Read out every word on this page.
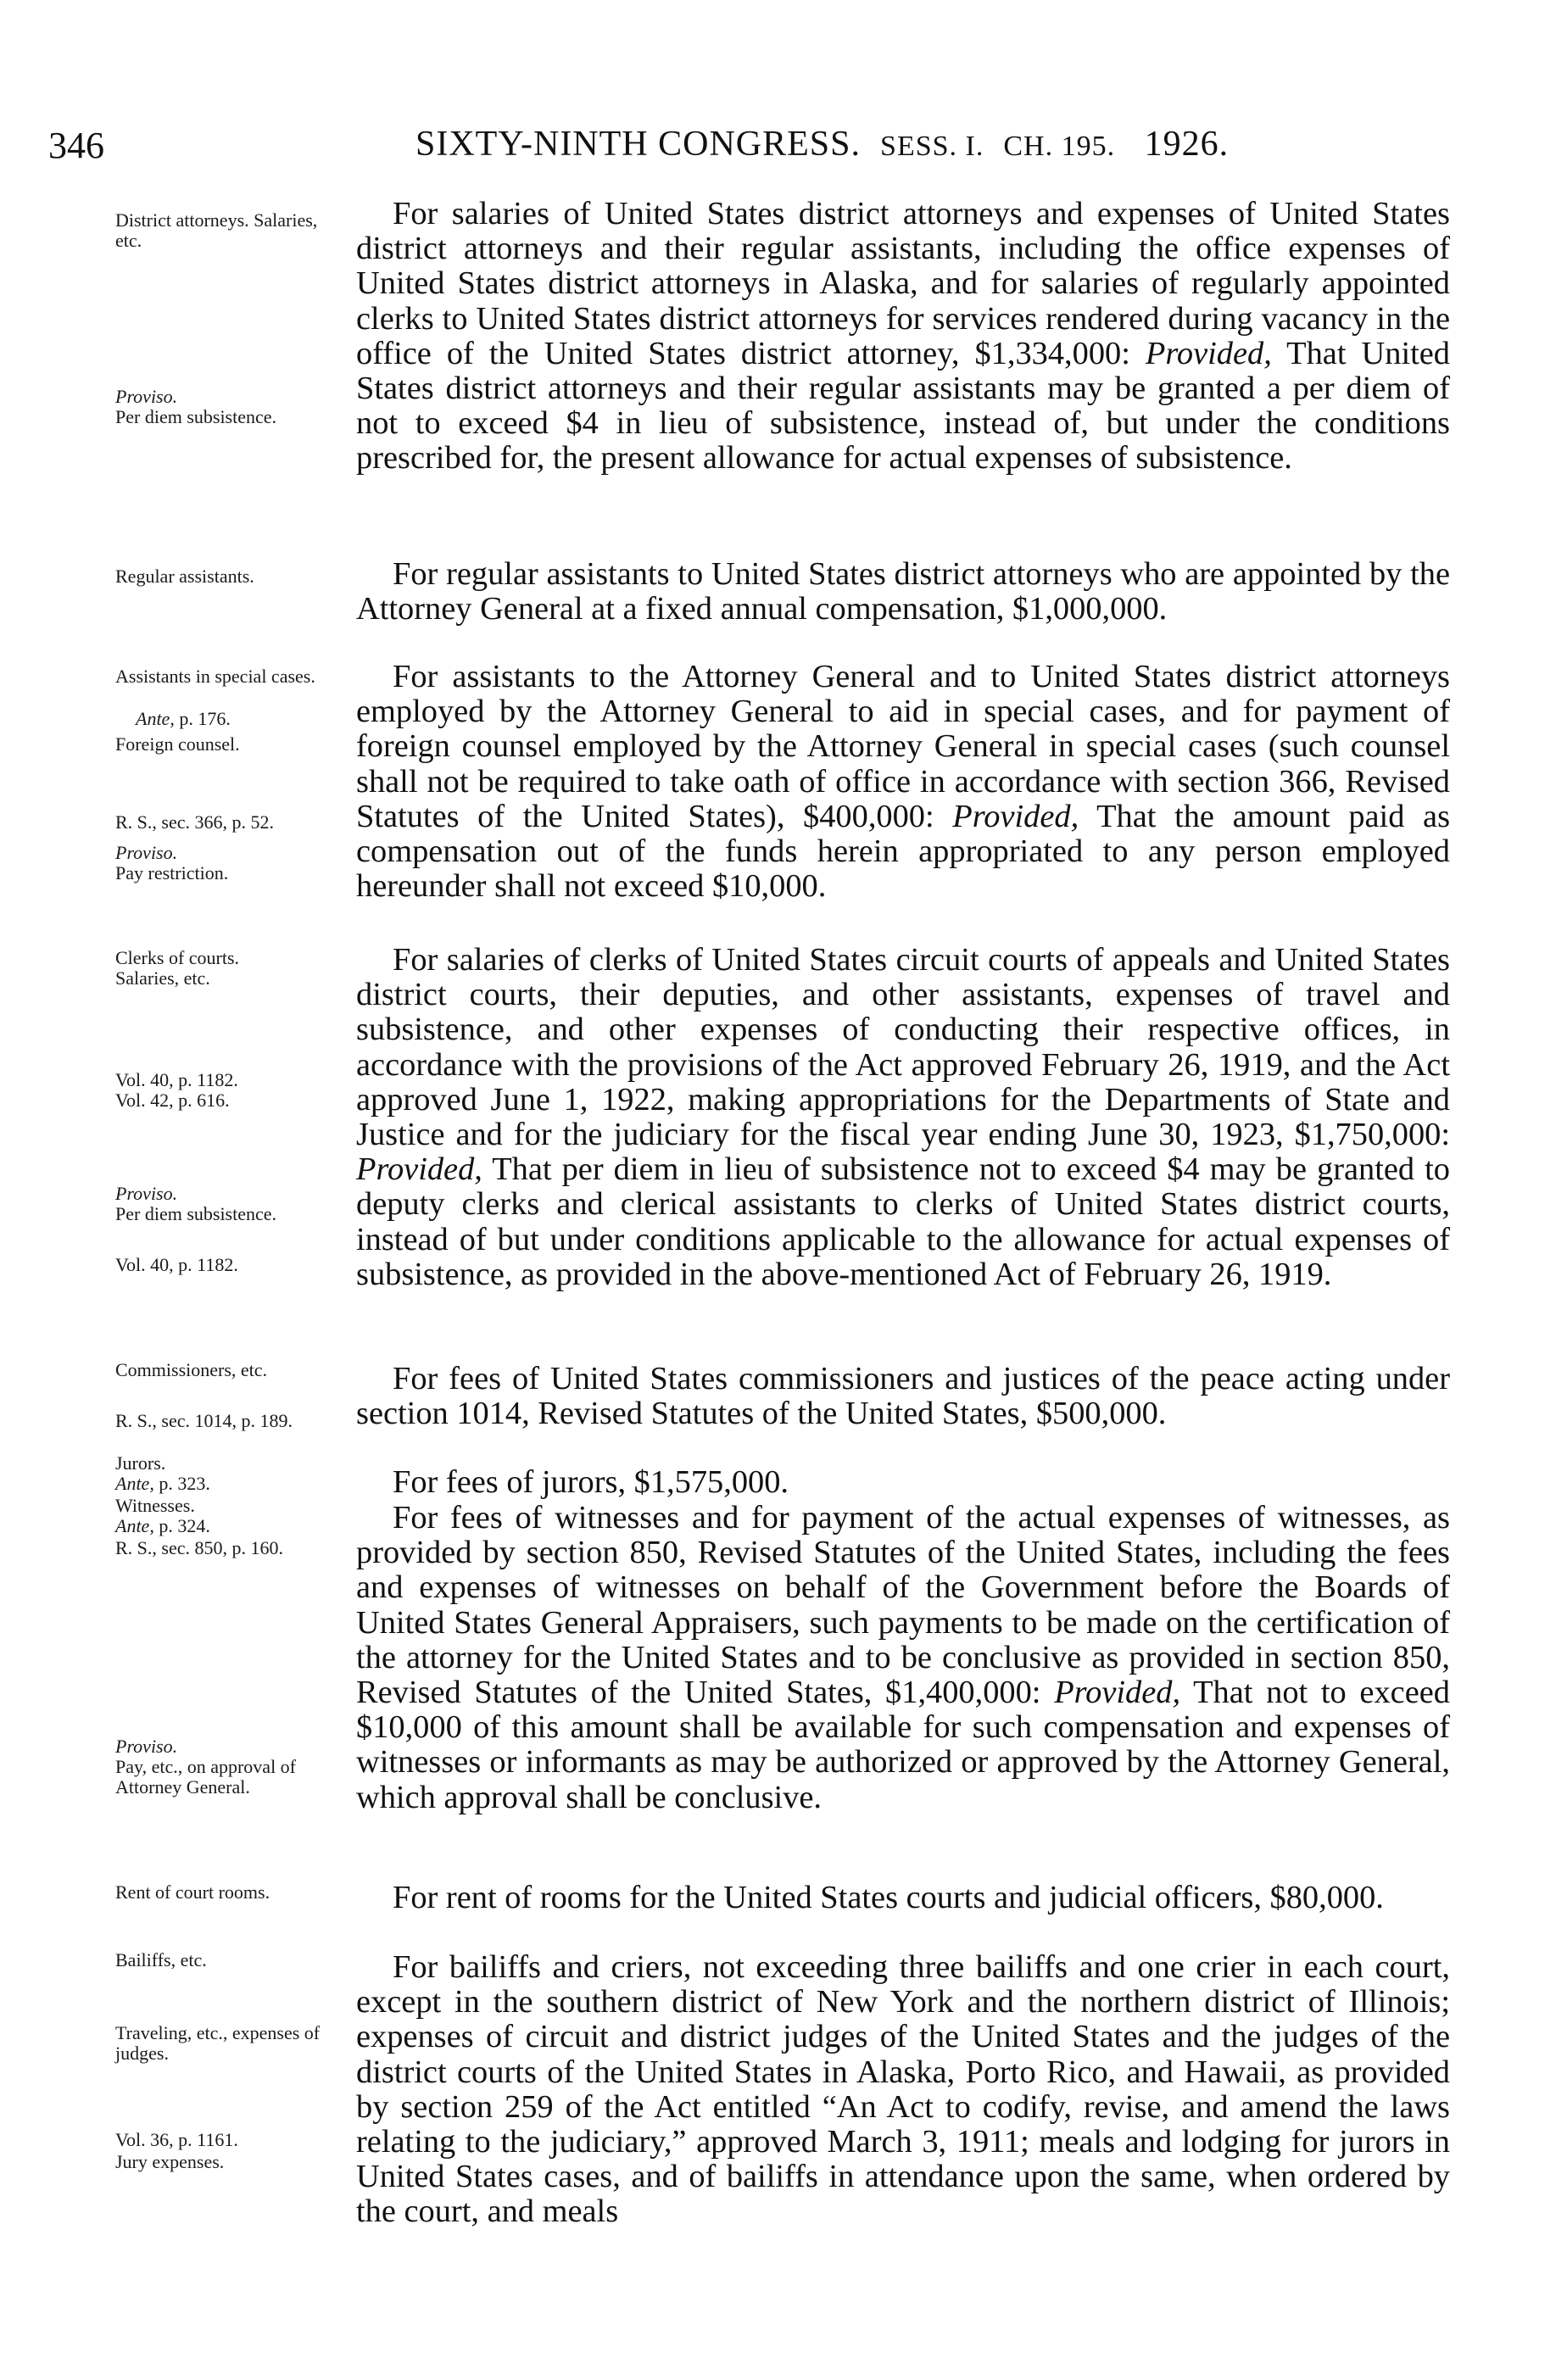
346	SIXTY-NINTH CONGRESS. SESS. I. CH. 195. 1926.
District attorneys. Salaries, etc.
Proviso.
Per diem subsistence.
Regular assistants.
Assistants in special cases.
Ante, p. 176.
Foreign counsel.
R. S., sec. 366, p. 52.
Proviso.
Pay restriction.
Clerks of courts. Salaries, etc.
Vol. 40, p. 1182. Vol. 42, p. 616.
Proviso.
Per diem subsistence.
Vol. 40, p. 1182.
Commissioners, etc.
R. S., sec. 1014, p. 189.
Jurors.
Ante, p. 323.
Witnesses.
Ante, p. 324.
R. S., sec. 850, p. 160.
Proviso.
Pay, etc., on approval of Attorney General.
Rent of court rooms.
Bailiffs, etc.
Traveling, etc., expenses of judges.
Vol. 36, p. 1161.
Jury expenses.

For salaries of United States district attorneys and expenses of United States district attorneys and their regular assistants, including the office expenses of United States district attorneys in Alaska, and for salaries of regularly appointed clerks to United States district attorneys for services rendered during vacancy in the office of the United States district attorney, $1,334,000: Provided, That United States district attorneys and their regular assistants may be granted a per diem of not to exceed $4 in lieu of subsistence, instead of, but under the conditions prescribed for, the present allowance for actual expenses of subsistence.

For regular assistants to United States district attorneys who are appointed by the Attorney General at a fixed annual compensation, $1,000,000.

For assistants to the Attorney General and to United States district attorneys employed by the Attorney General to aid in special cases, and for payment of foreign counsel employed by the Attorney General in special cases (such counsel shall not be required to take oath of office in accordance with section 366, Revised Statutes of the United States), $400,000: Provided, That the amount paid as compensation out of the funds herein appropriated to any person employed hereunder shall not exceed $10,000.

For salaries of clerks of United States circuit courts of appeals and United States district courts, their deputies, and other assistants, expenses of travel and subsistence, and other expenses of conducting their respective offices, in accordance with the provisions of the Act approved February 26, 1919, and the Act approved June 1, 1922, making appropriations for the Departments of State and Justice and for the judiciary for the fiscal year ending June 30, 1923, $1,750,000: Provided, That per diem in lieu of subsistence not to exceed $4 may be granted to deputy clerks and clerical assistants to clerks of United States district courts, instead of but under conditions applicable to the allowance for actual expenses of subsistence, as provided in the above-mentioned Act of February 26, 1919.

For fees of United States commissioners and justices of the peace acting under section 1014, Revised Statutes of the United States, $500,000.

For fees of jurors, $1,575,000.

For fees of witnesses and for payment of the actual expenses of witnesses, as provided by section 850, Revised Statutes of the United States, including the fees and expenses of witnesses on behalf of the Government before the Boards of United States General Appraisers, such payments to be made on the certification of the attorney for the United States and to be conclusive as provided in section 850, Revised Statutes of the United States, $1,400,000: Provided, That not to exceed $10,000 of this amount shall be available for such compensation and expenses of witnesses or informants as may be authorized or approved by the Attorney General, which approval shall be conclusive.

For rent of rooms for the United States courts and judicial officers, $80,000.

For bailiffs and criers, not exceeding three bailiffs and one crier in each court, except in the southern district of New York and the northern district of Illinois; expenses of circuit and district judges of the United States and the judges of the district courts of the United States in Alaska, Porto Rico, and Hawaii, as provided by section 259 of the Act entitled “An Act to codify, revise, and amend the laws relating to the judiciary,” approved March 3, 1911; meals and lodging for jurors in United States cases, and of bailiffs in attendance upon the same, when ordered by the court, and meals
